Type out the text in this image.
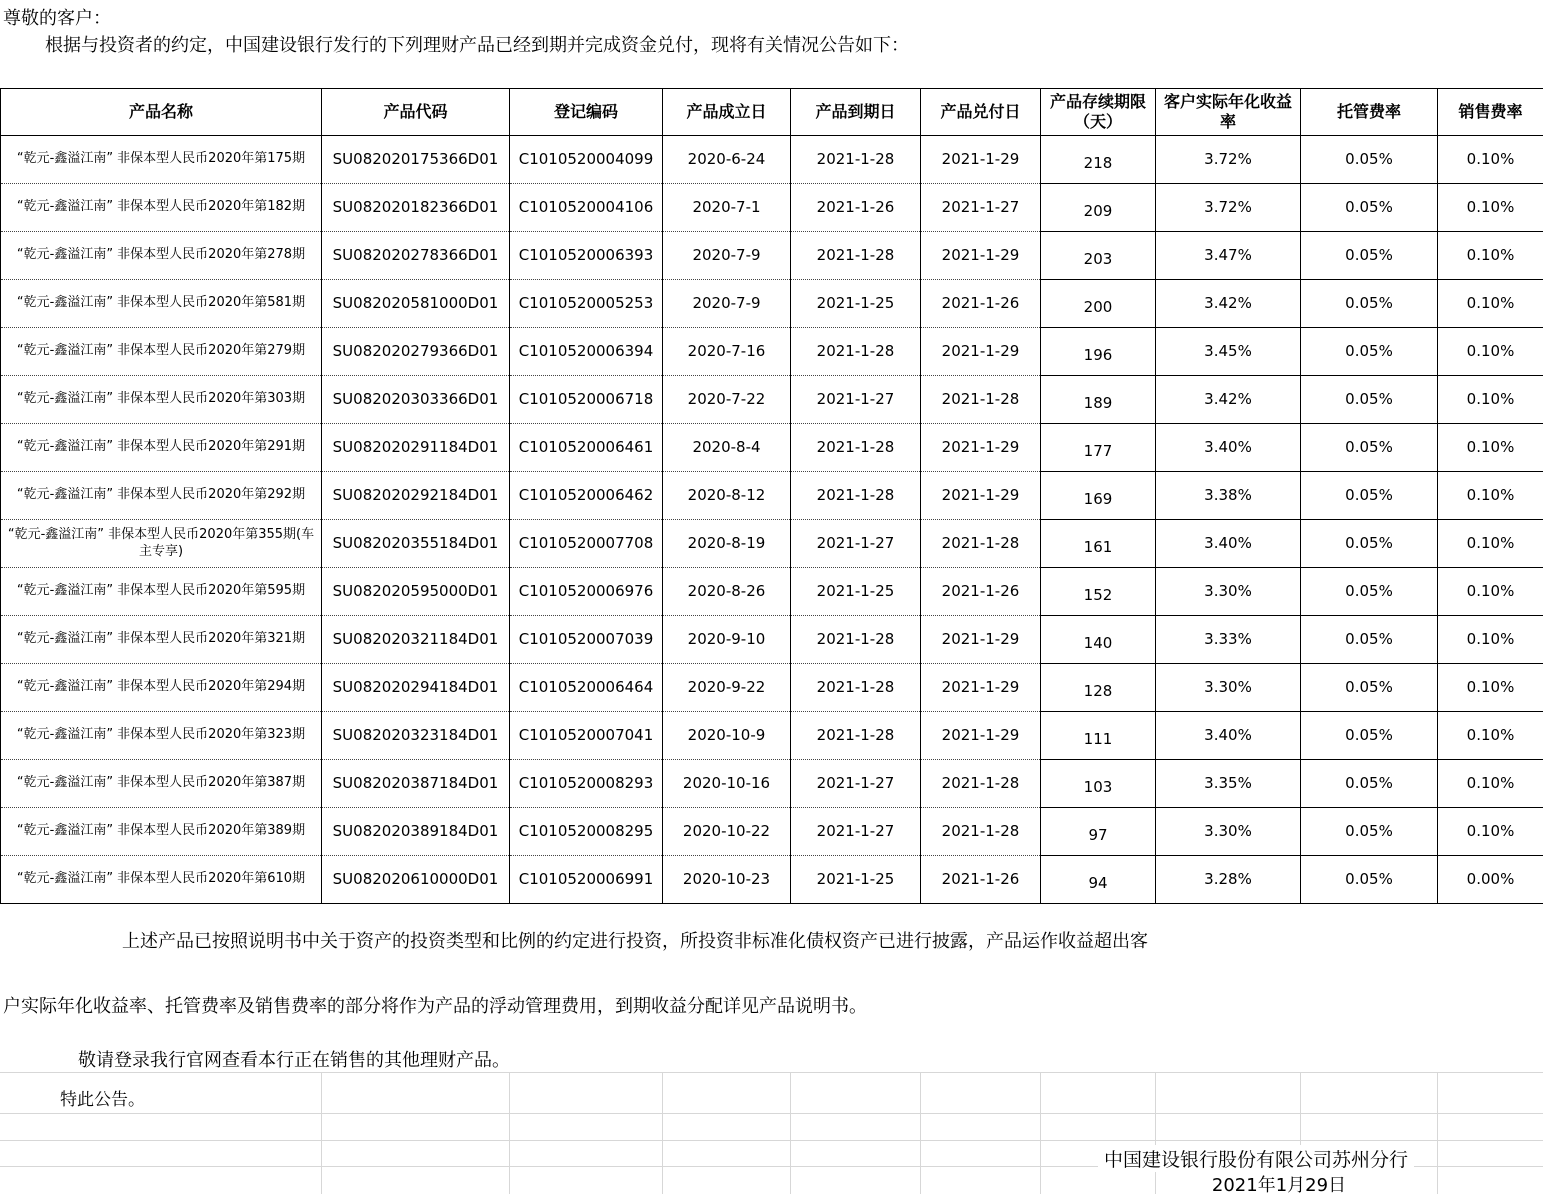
尊敬的客户：
根据与投资者的约定，中国建设银行发行的下列理财产品已经到期并完成资金兑付，现将有关情况公告如下：
产品名称	产品代码	登记编码	产品成立日	产品到期日	产品兑付日	产品存续期限（天）	客户实际年化收益率	托管费率	销售费率
“乾元-鑫溢江南” 非保本型人民币2020年第175期	SU082020175366D01	C1010520004099	2020-6-24	2021-1-28	2021-1-29	218	3.72%	0.05%	0.10%
“乾元-鑫溢江南” 非保本型人民币2020年第182期	SU082020182366D01	C1010520004106	2020-7-1	2021-1-26	2021-1-27	209	3.72%	0.05%	0.10%
“乾元-鑫溢江南” 非保本型人民币2020年第278期	SU082020278366D01	C1010520006393	2020-7-9	2021-1-28	2021-1-29	203	3.47%	0.05%	0.10%
“乾元-鑫溢江南” 非保本型人民币2020年第581期	SU082020581000D01	C1010520005253	2020-7-9	2021-1-25	2021-1-26	200	3.42%	0.05%	0.10%
“乾元-鑫溢江南” 非保本型人民币2020年第279期	SU082020279366D01	C1010520006394	2020-7-16	2021-1-28	2021-1-29	196	3.45%	0.05%	0.10%
“乾元-鑫溢江南” 非保本型人民币2020年第303期	SU082020303366D01	C1010520006718	2020-7-22	2021-1-27	2021-1-28	189	3.42%	0.05%	0.10%
“乾元-鑫溢江南” 非保本型人民币2020年第291期	SU082020291184D01	C1010520006461	2020-8-4	2021-1-28	2021-1-29	177	3.40%	0.05%	0.10%
“乾元-鑫溢江南” 非保本型人民币2020年第292期	SU082020292184D01	C1010520006462	2020-8-12	2021-1-28	2021-1-29	169	3.38%	0.05%	0.10%
“乾元-鑫溢江南” 非保本型人民币2020年第355期(车主专享)	SU082020355184D01	C1010520007708	2020-8-19	2021-1-27	2021-1-28	161	3.40%	0.05%	0.10%
“乾元-鑫溢江南” 非保本型人民币2020年第595期	SU082020595000D01	C1010520006976	2020-8-26	2021-1-25	2021-1-26	152	3.30%	0.05%	0.10%
“乾元-鑫溢江南” 非保本型人民币2020年第321期	SU082020321184D01	C1010520007039	2020-9-10	2021-1-28	2021-1-29	140	3.33%	0.05%	0.10%
“乾元-鑫溢江南” 非保本型人民币2020年第294期	SU082020294184D01	C1010520006464	2020-9-22	2021-1-28	2021-1-29	128	3.30%	0.05%	0.10%
“乾元-鑫溢江南” 非保本型人民币2020年第323期	SU082020323184D01	C1010520007041	2020-10-9	2021-1-28	2021-1-29	111	3.40%	0.05%	0.10%
“乾元-鑫溢江南” 非保本型人民币2020年第387期	SU082020387184D01	C1010520008293	2020-10-16	2021-1-27	2021-1-28	103	3.35%	0.05%	0.10%
“乾元-鑫溢江南” 非保本型人民币2020年第389期	SU082020389184D01	C1010520008295	2020-10-22	2021-1-27	2021-1-28	97	3.30%	0.05%	0.10%
“乾元-鑫溢江南” 非保本型人民币2020年第610期	SU082020610000D01	C1010520006991	2020-10-23	2021-1-25	2021-1-26	94	3.28%	0.05%	0.00%
上述产品已按照说明书中关于资产的投资类型和比例的约定进行投资，所投资非标准化债权资产已进行披露，产品运作收益超出客
户实际年化收益率、托管费率及销售费率的部分将作为产品的浮动管理费用，到期收益分配详见产品说明书。
敬请登录我行官网查看本行正在销售的其他理财产品。
特此公告。
中国建设银行股份有限公司苏州分行
2021年1月29日
